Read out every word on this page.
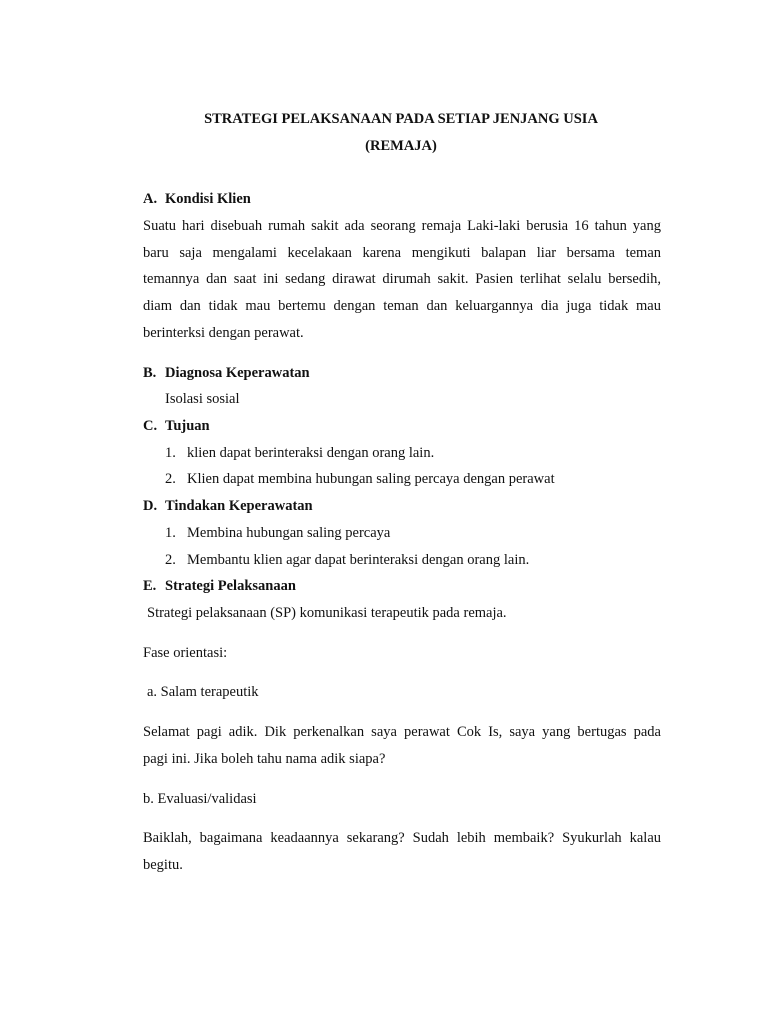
STRATEGI PELAKSANAAN PADA SETIAP JENJANG USIA

(REMAJA)

A. Kondisi Klien

Suatu hari disebuah rumah sakit ada seorang remaja Laki-laki berusia 16 tahun yang

baru saja mengalami kecelakaan karena mengikuti balapan liar bersama teman

temannya dan saat ini sedang dirawat dirumah sakit. Pasien terlihat selalu bersedih,

diam dan tidak mau bertemu dengan teman dan keluargannya dia juga tidak mau

berinterksi dengan perawat.

B. Diagnosa Keperawatan

Isolasi sosial

C. Tujuan

1. klien dapat berinteraksi dengan orang lain.

2. Klien dapat membina hubungan saling percaya dengan perawat

D. Tindakan Keperawatan

1. Membina hubungan saling percaya

2. Membantu klien agar dapat berinteraksi dengan orang lain.

E. Strategi Pelaksanaan

Strategi pelaksanaan (SP) komunikasi terapeutik pada remaja.

Fase orientasi:

a. Salam terapeutik

Selamat pagi adik. Dik perkenalkan saya perawat Cok Is, saya yang bertugas pada

pagi ini. Jika boleh tahu nama adik siapa?

b. Evaluasi/validasi

Baiklah, bagaimana keadaannya sekarang? Sudah lebih membaik? Syukurlah kalau

begitu.
